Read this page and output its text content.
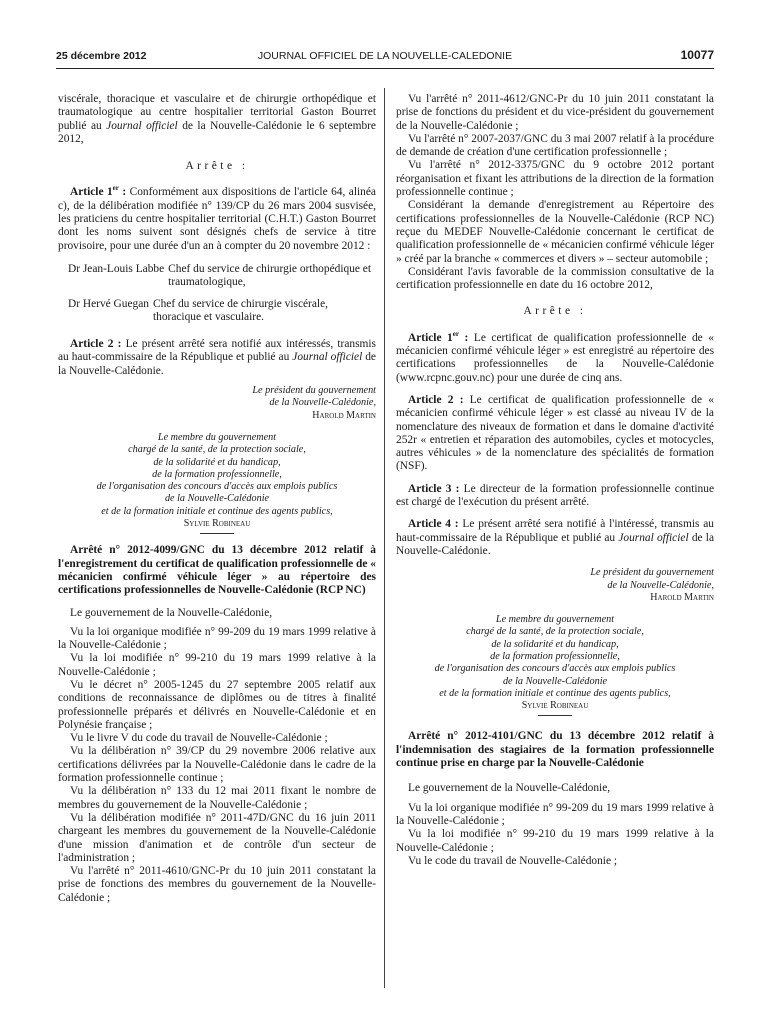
25 décembre 2012	JOURNAL OFFICIEL DE LA NOUVELLE-CALEDONIE	10077

viscérale, thoracique et vasculaire et de chirurgie orthopédique et traumatologique au centre hospitalier territorial Gaston Bourret publié au Journal officiel de la Nouvelle-Calédonie le 6 septembre 2012,

Arrête :

Article 1er : Conformément aux dispositions de l'article 64, alinéa c), de la délibération modifiée n° 139/CP du 26 mars 2004 susvisée, les praticiens du centre hospitalier territorial (C.H.T.) Gaston Bourret dont les noms suivent sont désignés chefs de service à titre provisoire, pour une durée d'un an à compter du 20 novembre 2012 :

Dr Jean-Louis Labbe Chef du service de chirurgie orthopédique et traumatologique,
Dr Hervé Guegan Chef du service de chirurgie viscérale, thoracique et vasculaire.

Article 2 : Le présent arrêté sera notifié aux intéressés, transmis au haut-commissaire de la République et publié au Journal officiel de la Nouvelle-Calédonie.

Le président du gouvernement
de la Nouvelle-Calédonie,
Harold Martin
Le membre du gouvernement
chargé de la santé, de la protection sociale,
de la solidarité et du handicap,
de la formation professionnelle,
de l'organisation des concours d'accès aux emplois publics
de la Nouvelle-Calédonie
et de la formation initiale et continue des agents publics,
Sylvie Robineau

Arrêté n° 2012-4099/GNC du 13 décembre 2012 relatif à l'enregistrement du certificat de qualification professionnelle de « mécanicien confirmé véhicule léger » au répertoire des certifications professionnelles de Nouvelle-Calédonie (RCP NC)

Le gouvernement de la Nouvelle-Calédonie,

Vu la loi organique modifiée n° 99-209 du 19 mars 1999 relative à la Nouvelle-Calédonie ;

Vu la loi modifiée n° 99-210 du 19 mars 1999 relative à la Nouvelle-Calédonie ;

Vu le décret n° 2005-1245 du 27 septembre 2005 relatif aux conditions de reconnaissance de diplômes ou de titres à finalité professionnelle préparés et délivrés en Nouvelle-Calédonie et en Polynésie française ;

Vu le livre V du code du travail de Nouvelle-Calédonie ;

Vu la délibération n° 39/CP du 29 novembre 2006 relative aux certifications délivrées par la Nouvelle-Calédonie dans le cadre de la formation professionnelle continue ;

Vu la délibération n° 133 du 12 mai 2011 fixant le nombre de membres du gouvernement de la Nouvelle-Calédonie ;

Vu la délibération modifiée n° 2011-47D/GNC du 16 juin 2011 chargeant les membres du gouvernement de la Nouvelle-Calédonie d'une mission d'animation et de contrôle d'un secteur de l'administration ;

Vu l'arrêté n° 2011-4610/GNC-Pr du 10 juin 2011 constatant la prise de fonctions des membres du gouvernement de la Nouvelle-Calédonie ;

Vu l'arrêté n° 2011-4612/GNC-Pr du 10 juin 2011 constatant la prise de fonctions du président et du vice-président du gouvernement de la Nouvelle-Calédonie ;

Vu l'arrêté n° 2007-2037/GNC du 3 mai 2007 relatif à la procédure de demande de création d'une certification professionnelle ;

Vu l'arrêté n° 2012-3375/GNC du 9 octobre 2012 portant réorganisation et fixant les attributions de la direction de la formation professionnelle continue ;

Considérant la demande d'enregistrement au Répertoire des certifications professionnelles de la Nouvelle-Calédonie (RCP NC) reçue du MEDEF Nouvelle-Calédonie concernant le certificat de qualification professionnelle de « mécanicien confirmé véhicule léger » créé par la branche « commerces et divers » – secteur automobile ;

Considérant l'avis favorable de la commission consultative de la certification professionnelle en date du 16 octobre 2012,

Arrête :

Article 1er : Le certificat de qualification professionnelle de « mécanicien confirmé véhicule léger » est enregistré au répertoire des certifications professionnelles de la Nouvelle-Calédonie (www.rcpnc.gouv.nc) pour une durée de cinq ans.

Article 2 : Le certificat de qualification professionnelle de « mécanicien confirmé véhicule léger » est classé au niveau IV de la nomenclature des niveaux de formation et dans le domaine d'activité 252r « entretien et réparation des automobiles, cycles et motocycles, autres véhicules » de la nomenclature des spécialités de formation (NSF).

Article 3 : Le directeur de la formation professionnelle continue est chargé de l'exécution du présent arrêté.

Article 4 : Le présent arrêté sera notifié à l'intéressé, transmis au haut-commissaire de la République et publié au Journal officiel de la Nouvelle-Calédonie.

Le président du gouvernement
de la Nouvelle-Calédonie,
Harold Martin
Le membre du gouvernement
chargé de la santé, de la protection sociale,
de la solidarité et du handicap,
de la formation professionnelle,
de l'organisation des concours d'accès aux emplois publics
de la Nouvelle-Calédonie
et de la formation initiale et continue des agents publics,
Sylvie Robineau

Arrêté n° 2012-4101/GNC du 13 décembre 2012 relatif à l'indemnisation des stagiaires de la formation professionnelle continue prise en charge par la Nouvelle-Calédonie

Le gouvernement de la Nouvelle-Calédonie,

Vu la loi organique modifiée n° 99-209 du 19 mars 1999 relative à la Nouvelle-Calédonie ;

Vu la loi modifiée n° 99-210 du 19 mars 1999 relative à la Nouvelle-Calédonie ;

Vu le code du travail de Nouvelle-Calédonie ;
